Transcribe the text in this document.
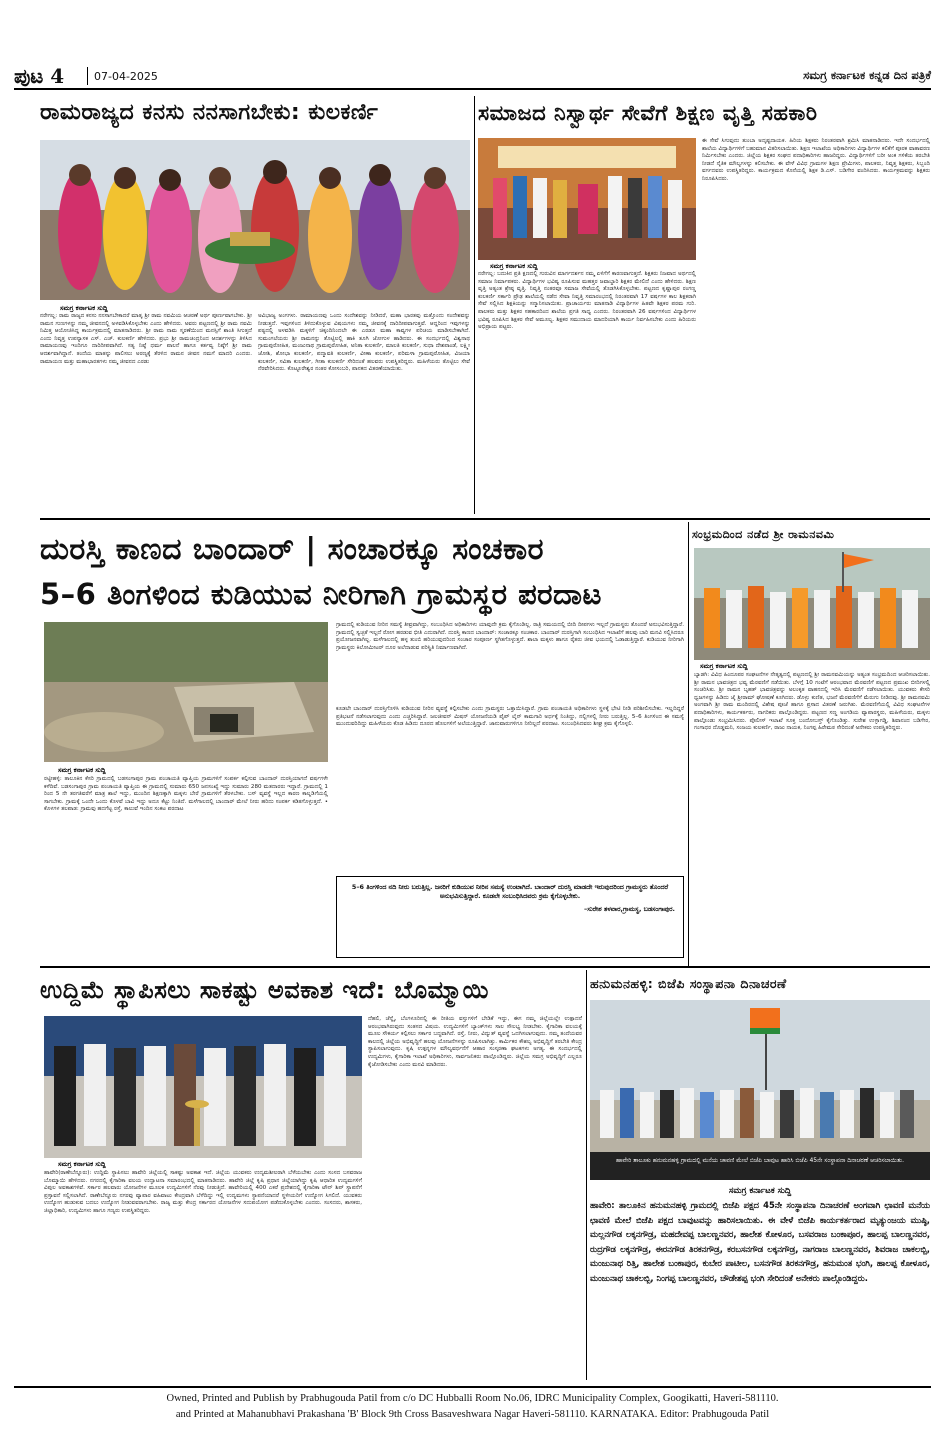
ಪುಟ 4	07-04-2025	ಸಮಗ್ರ ಕರ್ನಾಟಕ ಕನ್ನಡ ದಿನ ಪತ್ರಿಕೆ
ರಾಮರಾಜ್ಯದ ಕನಸು ನನಸಾಗಬೇಕು: ಕುಲಕರ್ಣಿ
ಸಮಗ್ರ ಕರ್ನಾಟಕ ಸುದ್ದಿ
ನರೇಗಲ್ಲ: ರಾಮ ರಾಜ್ಯದ ಕನಸು ನನಸಾಗಬೇಕಾದರೆ ಮಾತೃ ಶ್ರೀ ರಾಮ ನವಮಿಯ ಆಚರಣೆ ಅರ್ಥ ಪೂರ್ಣವಾಗಬೇಕು. ಶ್ರೀ ರಾಮನ ಗುಣಗಳನ್ನು ನಮ್ಮ ಜೀವನದಲ್ಲಿ ಅಳವಡಿಸಿಕೊಳ್ಳಬೇಕು ಎಂದು ಹೇಳಿದರು. ಅವರು ಪಟ್ಟಣದಲ್ಲಿ ಶ್ರೀ ರಾಮ ನವಮಿ ನಿಮಿತ್ತ ಆಯೋಜಿಸಿದ್ದ ಕಾರ್ಯಕ್ರಮದಲ್ಲಿ ಮಾತನಾಡಿದರು. ಶ್ರೀ ರಾಮ ನಾಮ ಸ್ಮರಣೆಯಿಂದ ಮನಸ್ಸಿಗೆ ಶಾಂತಿ ಸಿಗುತ್ತದೆ ಎಂದು ನಿವೃತ್ತ ಉಪನ್ಯಾಸಕ ಎಸ್. ಎಚ್. ಕುಲಕರ್ಣಿ ಹೇಳಿದರು. ಪ್ರಭು ಶ್ರೀ ರಾಮಚಂದ್ರನಿಂದ ಆದರ್ಶಗಳನ್ನು ತಿಳಿಸಿದ ರಾಮಾಯಣವು ಇಂದಿಗೂ ದಾರಿದೀಪವಾಗಿದೆ. ಸತ್ಯ ನಿಷ್ಠೆ ಧರ್ಮ ಪಾಲನೆ ಹಾಗೂ ಕರ್ತವ್ಯ ನಿಷ್ಠೆಗೆ ಶ್ರೀ ರಾಮ ಆದರ್ಶವಾಗಿದ್ದಾನೆ. ತಂದೆಯ ಮಾತನ್ನು ಪಾಲಿಸಲು ಅರಣ್ಯಕ್ಕೆ ತೆರಳಿದ ರಾಮನ ಜೀವನ ನಮಗೆ ಮಾದರಿ ಎಂದರು. ರಾಮಾಯಣ ಮತ್ತು ಮಹಾಭಾರತಗಳು ನಮ್ಮ ಜೀವನದ ಎರಡು
ಅವಿಭಾಜ್ಯ ಅಂಗಗಳು. ರಾಮಾಯಣವು ಒಂದು ಸಂದೇಶವನ್ನು ನೀಡಿದರೆ, ಮಹಾ ಭಾರತವು ಮತ್ತೊಂದು ಸಂದೇಶವನ್ನು ನೀಡುತ್ತದೆ. ಇವುಗಳಿಂದ ತಿಳಿದುಕೊಳ್ಳುವ ವಿಷಯಗಳು ನಮ್ಮ ಜೀವನಕ್ಕೆ ದಾರಿದೀಪವಾಗುತ್ತವೆ. ಆದ್ದರಿಂದ ಇವುಗಳನ್ನು ಪಠ್ಯದಲ್ಲಿ ಅಳವಡಿಸಿ ಮಕ್ಕಳಿಗೆ ಚಿಕ್ಕಂದಿನಿಂದಲೇ ಈ ಎರಡೂ ಮಹಾ ಕಾವ್ಯಗಳ ಪರಿಚಯ ಮಾಡಿಸಬೇಕಾಗಿದೆ. ಸುಮಂಗಲೆಯರು ಶ್ರೀ ರಾಮನನ್ನು ತೊಟ್ಟಿಲಲ್ಲಿ ಹಾಕಿ ತೂಗಿ ಜೋಗುಳ ಹಾಡಿದರು. ಈ ಸಂದರ್ಭದಲ್ಲಿ ವಿಶ್ವನಾಥ ಗ್ರಾಮಪುರೋಹಿತ, ಮಂಜುನಾಥ ಗ್ರಾಮಪುರೋಹಿತ, ಅನಿತಾ ಕುಲಕರ್ಣಿ, ಮಾಲತಿ ಕುಲಕರ್ಣಿ, ಸುಧಾ ದೇಶಪಾಂಡೆ, ಲಕ್ಷ್ಮೀ ಜೋಶಿ, ಶೋಭಾ ಕುಲಕರ್ಣಿ, ಪದ್ಮಾವತಿ ಕುಲಕರ್ಣಿ, ವೀಣಾ ಕುಲಕರ್ಣಿ, ಪರಿಮಳಾ ಗ್ರಾಮಪುರೋಹಿತ, ವಿಜಯಾ ಕುಲಕರ್ಣಿ, ಸವಿತಾ ಕುಲಕರ್ಣಿ, ಗೀತಾ ಕುಲಕರ್ಣಿ ಸೇರಿದಂತೆ ಹಲವರು ಉಪಸ್ಥಿತರಿದ್ದರು. ಮಹಿಳೆಯರು ತೊಟ್ಟಿಲು ಸೇವೆ ನೆರವೇರಿಸಿದರು. ಕೊಟ್ಟೂರೇಶ್ವರ ನಂತರ ಕೋಸಂಬರಿ, ಪಾನಕದ ವಿತರಣೆಯಾಯಿತು.
ಸಮಾಜದ ನಿಸ್ವಾರ್ಥ ಸೇವೆಗೆ ಶಿಕ್ಷಣ ವೃತ್ತಿ ಸಹಕಾರಿ
ಸಮಗ್ರ ಕರ್ನಾಟಕ ಸುದ್ದಿ
ನರೇಗಲ್ಲ: ಬದುಕಿನ ಪ್ರತಿ ಕ್ಷಣದಲ್ಲಿ ಗುರುವಿನ ಮಾರ್ಗದರ್ಶನ ನಮ್ಮ ಏಳಿಗೆಗೆ ಕಾರಣವಾಗುತ್ತದೆ. ಶಿಕ್ಷಕರು ನಿಜವಾದ ಅರ್ಥದಲ್ಲಿ ಸಮಾಜ ನಿರ್ಮಾಪಕರು. ವಿದ್ಯಾರ್ಥಿಗಳ ಭವಿಷ್ಯ ರೂಪಿಸುವ ಮಹತ್ತರ ಜವಾಬ್ದಾರಿ ಶಿಕ್ಷಕರ ಮೇಲಿದೆ ಎಂದು ಹೇಳಿದರು. ಶಿಕ್ಷಣ ವೃತ್ತಿ ಅತ್ಯಂತ ಶ್ರೇಷ್ಠ ವೃತ್ತಿ. ನಿವೃತ್ತಿ ನಂತರವೂ ಸಮಾಜ ಸೇವೆಯಲ್ಲಿ ತೊಡಗಿಸಿಕೊಳ್ಳಬೇಕು. ಪಟ್ಟಣದ ಕೃಷ್ಣಾಪುರ ರಂಗಣ್ಣ ಕುಲಕರ್ಣಿ ಸರ್ಕಾರಿ ಪ್ರೌಢ ಶಾಲೆಯಲ್ಲಿ ನಡೆದ ಸೇವಾ ನಿವೃತ್ತಿ ಸಮಾರಂಭದಲ್ಲಿ ನಿರಂತರವಾಗಿ 17 ವರ್ಷಗಳ ಕಾಲ ಶಿಕ್ಷಕರಾಗಿ ಸೇವೆ ಸಲ್ಲಿಸಿದ ಶಿಕ್ಷಕಿಯನ್ನು ಸನ್ಮಾನಿಸಲಾಯಿತು. ಪ್ರಾಚಾರ್ಯರು ಮಾತನಾಡಿ ವಿದ್ಯಾರ್ಥಿಗಳ ಹಿತವೇ ಶಿಕ್ಷಕರ ಪರಮ ಗುರಿ. ಪಾಲಕರು ಮತ್ತು ಶಿಕ್ಷಕರ ಸಹಕಾರದಿಂದ ಶಾಲೆಯ ಪ್ರಗತಿ ಸಾಧ್ಯ ಎಂದರು. ನಿರಂತರವಾಗಿ 26 ವರ್ಷಗಳಿಂದ ವಿದ್ಯಾರ್ಥಿಗಳ ಭವಿಷ್ಯ ರೂಪಿಸಿದ ಶಿಕ್ಷಕರ ಸೇವೆ ಅಮೂಲ್ಯ. ಶಿಕ್ಷಕರ ಸಮುದಾಯ ಮಾದರಿಯಾಗಿ ಕಾರ್ಯ ನಿರ್ವಹಿಸಬೇಕು ಎಂದು ಹಿರಿಯರು ಅಭಿಪ್ರಾಯ ಪಟ್ಟರು.
ಈ ಸೇವೆ ಸಿಗುವುದು ತುಂಬಾ ಅದೃಷ್ಟದಾಯಕ. ಹಿರಿಯ ಶಿಕ್ಷಕರು ನಿರಂತರವಾಗಿ ಶ್ರಮಿಸಿ ಮಾತನಾಡಿದರು. ಇದೇ ಸಂದರ್ಭದಲ್ಲಿ ಶಾಲೆಯ ವಿದ್ಯಾರ್ಥಿಗಳಿಗೆ ಬಹುಮಾನ ವಿತರಿಸಲಾಯಿತು. ಶಿಕ್ಷಣ ಇಲಾಖೆಯ ಅಧಿಕಾರಿಗಳು ವಿದ್ಯಾರ್ಥಿಗಳ ಕಲಿಕೆಗೆ ಪೂರಕ ವಾತಾವರಣ ನಿರ್ಮಿಸಬೇಕು ಎಂದರು. ಜಿಲ್ಲೆಯ ಶಿಕ್ಷಕರ ಸಂಘದ ಪದಾಧಿಕಾರಿಗಳು ಹಾಜರಿದ್ದರು. ವಿದ್ಯಾರ್ಥಿಗಳಿಗೆ ಬರೀ ಅಂಕ ಗಳಿಕೆಯ ತರಬೇತಿ ನೀಡದೆ ನೈತಿಕ ಮೌಲ್ಯಗಳನ್ನು ಕಲಿಸಬೇಕು. ಈ ವೇಳೆ ವಿವಿಧ ಗ್ರಾಮಗಳ ಶಿಕ್ಷಣ ಪ್ರೇಮಿಗಳು, ಪಾಲಕರು, ನಿವೃತ್ತ ಶಿಕ್ಷಕರು, ಸಿಬ್ಬಂದಿ ವರ್ಗದವರು ಉಪಸ್ಥಿತರಿದ್ದರು. ಕಾರ್ಯಕ್ರಮದ ಕೊನೆಯಲ್ಲಿ ಶಿಕ್ಷಕ ಡಿ.ಎಸ್. ಬಡಿಗೇರ ವಂದಿಸಿದರು. ಕಾರ್ಯಕ್ರಮವನ್ನು ಶಿಕ್ಷಕರು ನಿರೂಪಿಸಿದರು.
ದುರಸ್ತಿ ಕಾಣದ ಬಾಂದಾರ್ | ಸಂಚಾರಕ್ಕೂ ಸಂಚಕಾರ
5–6 ತಿಂಗಳಿಂದ ಕುಡಿಯುವ ನೀರಿಗಾಗಿ ಗ್ರಾಮಸ್ಥರ ಪರದಾಟ
ಸಮಗ್ರ ಕರ್ನಾಟಕ ಸುದ್ದಿ
ರಟ್ಟೀಹಳ್ಳಿ: ತಾಲೂಕಿನ ಕೆಸರಿ ಗ್ರಾಮದಲ್ಲಿ ಬಡಸಂಗಾಪುರ ಗ್ರಾಮ ಪಂಚಾಯತಿ ವ್ಯಾಪ್ತಿಯ ಗ್ರಾಮಗಳಿಗೆ ಸಂಪರ್ಕ ಕಲ್ಪಿಸುವ ಬಾಂದಾರ್ ದುರಸ್ತಿಯಾಗದೆ ವರ್ಷಗಳೇ ಕಳೆದಿವೆ. ಬಡಸಂಗಾಪುರ ಗ್ರಾಮ ಪಂಚಾಯತಿ ವ್ಯಾಪ್ತಿಯ ಈ ಗ್ರಾಮದಲ್ಲಿ ಸುಮಾರು 650 ಜನಸಂಖ್ಯೆ ಇದ್ದು ಸುಮಾರು 280 ಮತದಾರರು ಇದ್ದಾರೆ. ಗ್ರಾಮದಲ್ಲಿ 1 ರಿಂದ 5 ನೇ ತರಗತಿವರೆಗೆ ಮಾತ್ರ ಶಾಲೆ ಇದ್ದು, ಮುಂದಿನ ಶಿಕ್ಷಣಕ್ಕಾಗಿ ಮಕ್ಕಳು ಬೇರೆ ಗ್ರಾಮಗಳಿಗೆ ತೆರಳಬೇಕು. ಬಸ್ ವ್ಯವಸ್ಥೆ ಇಲ್ಲದ ಕಾರಣ ಕಾಲ್ನಡಿಗೆಯಲ್ಲಿ ಸಾಗಬೇಕು. ಗ್ರಾಮಕ್ಕೆ ಒಂದೇ ಒಂದು ಕೊಳವೆ ಬಾವಿ ಇದ್ದು ಅದೂ ಕೆಟ್ಟು ನಿಂತಿದೆ. ಮಳೆಗಾಲದಲ್ಲಿ ಬಾಂದಾರ್ ಮೇಲೆ ನೀರು ಹರಿದು ಸಂಪರ್ಕ ಕಡಿತಗೊಳ್ಳುತ್ತದೆ. • ಕೊಳಗಳ ತಲಪಾಡ: ಗ್ರಾಮವು ಹದಗೆಟ್ಟ ರಸ್ತೆ, ಕಾಲುವೆ ಇಂದಿನ ಸಂಕಟ ಪರದಾಟ
ಗ್ರಾಮದಲ್ಲಿ ಕುಡಿಯುವ ನೀರಿನ ಸಮಸ್ಯೆ ತೀವ್ರವಾಗಿದ್ದು, ಸಂಬಂಧಿಸಿದ ಅಧಿಕಾರಿಗಳು ಯಾವುದೇ ಕ್ರಮ ಕೈಗೊಂಡಿಲ್ಲ. ರಾತ್ರಿ ಸಮಯದಲ್ಲಿ ಬೀದಿ ದೀಪಗಳು ಇಲ್ಲದೆ ಗ್ರಾಮಸ್ಥರು ತೊಂದರೆ ಅನುಭವಿಸುತ್ತಿದ್ದಾರೆ. ಗ್ರಾಮದಲ್ಲಿ ಸ್ವಚ್ಛತೆ ಇಲ್ಲದೆ ರೋಗ ಹರಡುವ ಭೀತಿ ಎದುರಾಗಿದೆ. ದುರಸ್ತಿ ಕಾಣದ ಬಾಂದಾರ್: ಸಂಚಾರಕ್ಕೂ ಸಂಚಕಾರ. ಬಾಂದಾರ್ ದುರಸ್ತಿಗಾಗಿ ಸಂಬಂಧಿಸಿದ ಇಲಾಖೆಗೆ ಹಲವು ಬಾರಿ ಮನವಿ ಸಲ್ಲಿಸಿದರೂ ಪ್ರಯೋಜನವಾಗಿಲ್ಲ. ಮಳೆಗಾಲದಲ್ಲಿ ಹಳ್ಳ ತುಂಬಿ ಹರಿಯುವುದರಿಂದ ಸಂಚಾರ ಸಂಪೂರ್ಣ ಸ್ಥಗಿತಗೊಳ್ಳುತ್ತದೆ. ಶಾಲಾ ಮಕ್ಕಳು ಹಾಗೂ ರೈತರು ಜೀವ ಭಯದಲ್ಲಿ ಓಡಾಡುತ್ತಿದ್ದಾರೆ. ಕುಡಿಯುವ ನೀರಿಗಾಗಿ ಗ್ರಾಮಸ್ಥರು ಕಿಲೋಮೀಟರ್ ದೂರ ಅಲೆದಾಡುವ ಪರಿಸ್ಥಿತಿ ನಿರ್ಮಾಣವಾಗಿದೆ.
ಕೂಡಲೇ ಬಾಂದಾರ್ ದುರಸ್ತಿಗೊಳಿಸಿ ಕುಡಿಯುವ ನೀರಿನ ವ್ಯವಸ್ಥೆ ಕಲ್ಪಿಸಬೇಕು ಎಂದು ಗ್ರಾಮಸ್ಥರು ಒತ್ತಾಯಿಸಿದ್ದಾರೆ. ಗ್ರಾಮ ಪಂಚಾಯತಿ ಅಧಿಕಾರಿಗಳು ಸ್ಥಳಕ್ಕೆ ಭೇಟಿ ನೀಡಿ ಪರಿಶೀಲಿಸಬೇಕು. ಇಲ್ಲದಿದ್ದರೆ ಪ್ರತಿಭಟನೆ ನಡೆಸಲಾಗುವುದು ಎಂದು ಎಚ್ಚರಿಸಿದ್ದಾರೆ. ಜಲಜೀವನ್ ಮಿಷನ್ ಯೋಜನೆಯಡಿ ಪೈಪ್ ಲೈನ್ ಕಾಮಗಾರಿ ಅರ್ಧಕ್ಕೆ ನಿಂತಿದ್ದು, ನಲ್ಲಿಗಳಲ್ಲಿ ನೀರು ಬರುತ್ತಿಲ್ಲ. 5–6 ತಿಂಗಳಿಂದ ಈ ಸಮಸ್ಯೆ ಮುಂದುವರಿದಿದ್ದು ಮಹಿಳೆಯರು ಕೊಡ ಹಿಡಿದು ದೂರದ ಹೊಲಗಳಿಗೆ ಅಲೆಯುತ್ತಿದ್ದಾರೆ. ಜಾನುವಾರುಗಳಿಗೂ ನೀರಿಲ್ಲದೆ ಪರದಾಟ. ಸಂಬಂಧಿಸಿದವರು ಶೀಘ್ರ ಕ್ರಮ ಕೈಗೊಳ್ಳಲಿ.
5–6 ತಿಂಗಳಿಂದ ನದಿ ನೀರು ಬರುತ್ತಿಲ್ಲ. ಜನರಿಗೆ ಕುಡಿಯುವ ನೀರಿನ ಸಮಸ್ಯೆ ಉಂಟಾಗಿದೆ. ಬಾಂದಾರ್ ದುರಸ್ತಿ ಮಾಡದೇ ಇರುವುದರಿಂದ ಗ್ರಾಮಸ್ಥರು ತೊಂದರೆ ಅನುಭವಿಸುತ್ತಿದ್ದಾರೆ. ಕೂಡಲೇ ಸಂಬಂಧಿಸಿದವರು ಕ್ರಮ ಕೈಗೊಳ್ಳಬೇಕು.
–ಸುರೇಶ ತಳವಾರ,ಗ್ರಾಮಸ್ಥ, ಬಡಸಂಗಾಪುರ.
ಸಂಭ್ರಮದಿಂದ ನಡೆದ ಶ್ರೀ ರಾಮನವಮಿ
ಸಮಗ್ರ ಕರ್ನಾಟಕ ಸುದ್ದಿ
ಬ್ಯಾಡಗಿ: ವಿವಿಧ ಹಿಂದೂಪರ ಸಂಘಟನೆಗಳ ನೇತೃತ್ವದಲ್ಲಿ ಪಟ್ಟಣದಲ್ಲಿ ಶ್ರೀ ರಾಮನವಮಿಯನ್ನು ಅತ್ಯಂತ ಸಂಭ್ರಮದಿಂದ ಆಚರಿಸಲಾಯಿತು. ಶ್ರೀ ರಾಮನ ಭಾವಚಿತ್ರದ ಭವ್ಯ ಮೆರವಣಿಗೆ ನಡೆಯಿತು. ಬೆಳಗ್ಗೆ 10 ಗಂಟೆಗೆ ಆರಂಭವಾದ ಮೆರವಣಿಗೆ ಪಟ್ಟಣದ ಪ್ರಮುಖ ಬೀದಿಗಳಲ್ಲಿ ಸಂಚರಿಸಿತು. ಶ್ರೀ ರಾಮನ ಬೃಹತ್ ಭಾವಚಿತ್ರವನ್ನು ಅಲಂಕೃತ ವಾಹನದಲ್ಲಿ ಇರಿಸಿ ಮೆರವಣಿಗೆ ನಡೆಸಲಾಯಿತು. ಯುವಕರು ಕೇಸರಿ ಧ್ವಜಗಳನ್ನು ಹಿಡಿದು ಜೈ ಶ್ರೀರಾಮ್ ಘೋಷಣೆ ಕೂಗಿದರು. ಡೊಳ್ಳು ಕುಣಿತ, ಭಜನೆ ಮೆರವಣಿಗೆಗೆ ಮೆರುಗು ನೀಡಿದವು. ಶ್ರೀ ರಾಮನವಮಿ ಅಂಗವಾಗಿ ಶ್ರೀ ರಾಮ ಮಂದಿರದಲ್ಲಿ ವಿಶೇಷ ಪೂಜೆ ಹಾಗೂ ಪ್ರಸಾದ ವಿತರಣೆ ಜರುಗಿತು. ಮೆರವಣಿಗೆಯಲ್ಲಿ ವಿವಿಧ ಸಂಘಟನೆಗಳ ಪದಾಧಿಕಾರಿಗಳು, ಕಾರ್ಯಕರ್ತರು, ನಾಗರಿಕರು ಪಾಲ್ಗೊಂಡಿದ್ದರು. ಪಟ್ಟಣದ ಸಣ್ಣ ಅಂಗಡಿಯ ವ್ಯಾಪಾರಸ್ಥರು, ಮಹಿಳೆಯರು, ಮಕ್ಕಳು ಪಾಲ್ಗೊಂಡು ಸಂಭ್ರಮಿಸಿದರು. ಪೊಲೀಸ್ ಇಲಾಖೆ ಸೂಕ್ತ ಬಂದೋಬಸ್ತ್ ಕೈಗೊಂಡಿತ್ತು. ಸುರೇಶ ಉಳ್ಳಾಗಡ್ಡಿ, ಶಿವಾನಂದ ಬಡಿಗೇರ, ಗಂಗಾಧರ ದೊಡ್ಡಮನಿ, ಸಂಜಯ ಕುಲಕರ್ಣಿ, ರಾಜು ನಾಯಕ, ನಿಂಗಪ್ಪ ಹಿರೇಮಠ ಸೇರಿದಂತೆ ಅನೇಕರು ಉಪಸ್ಥಿತರಿದ್ದರು.
ಉದ್ದಿಮೆ ಸ್ಥಾಪಿಸಲು ಸಾಕಷ್ಟು ಅವಕಾಶ ಇದೆ: ಬೊಮ್ಮಾಯಿ
ಸಮಗ್ರ ಕರ್ನಾಟಕ ಸುದ್ದಿ
ಹಾವೇರಿ(ರಾಣೇಬೆನ್ನೂರು): ಉದ್ದಿಮೆ ಸ್ಥಾಪಿಸಲು ಹಾವೇರಿ ಜಿಲ್ಲೆಯಲ್ಲಿ ಸಾಕಷ್ಟು ಅವಕಾಶ ಇದೆ. ಜಿಲ್ಲೆಯ ಯುವಕರು ಉದ್ಯಮಶೀಲರಾಗಿ ಬೆಳೆಯಬೇಕು ಎಂದು ಸಂಸದ ಬಸವರಾಜ ಬೊಮ್ಮಾಯಿ ಹೇಳಿದರು. ನಗರದಲ್ಲಿ ಕೈಗಾರಿಕಾ ವಲಯ ಉದ್ಘಾಟನಾ ಸಮಾರಂಭದಲ್ಲಿ ಮಾತನಾಡಿದರು. ಹಾವೇರಿ ಜಿಲ್ಲೆ ಕೃಷಿ ಪ್ರಧಾನ ಜಿಲ್ಲೆಯಾಗಿದ್ದು ಕೃಷಿ ಆಧಾರಿತ ಉದ್ಯಮಗಳಿಗೆ ವಿಪುಲ ಅವಕಾಶಗಳಿವೆ. ಸರ್ಕಾರ ಹಲವಾರು ಯೋಜನೆಗಳ ಮೂಲಕ ಉದ್ಯಮಿಗಳಿಗೆ ನೆರವು ನೀಡುತ್ತಿದೆ. ಹಾವೇರಿಯಲ್ಲಿ 400 ಎಕರೆ ಪ್ರದೇಶದಲ್ಲಿ ಕೈಗಾರಿಕಾ ಟೌನ್ ಶಿಪ್ ಸ್ಥಾಪನೆಗೆ ಪ್ರಸ್ತಾವನೆ ಸಲ್ಲಿಸಲಾಗಿದೆ. ರಾಣೇಬೆನ್ನೂರು ನಗರವು ವ್ಯಾಪಾರ ವಹಿವಾಟು ಕೇಂದ್ರವಾಗಿ ಬೆಳೆದಿದ್ದು ಇಲ್ಲಿ ಉದ್ಯಮಗಳು ಸ್ಥಾಪನೆಯಾದರೆ ಸ್ಥಳೀಯರಿಗೆ ಉದ್ಯೋಗ ಸಿಗಲಿದೆ. ಯುವಕರು ಉದ್ಯೋಗ ಹುಡುಕುವ ಬದಲು ಉದ್ಯೋಗ ನೀಡುವವರಾಗಬೇಕು. ರಾಜ್ಯ ಮತ್ತು ಕೇಂದ್ರ ಸರ್ಕಾರದ ಯೋಜನೆಗಳ ಸದುಪಯೋಗ ಪಡೆದುಕೊಳ್ಳಬೇಕು ಎಂದರು. ಸಂಸದರು, ಶಾಸಕರು, ಜಿಲ್ಲಾಧಿಕಾರಿ, ಉದ್ಯಮಿಗಳು ಹಾಗೂ ಗಣ್ಯರು ಉಪಸ್ಥಿತರಿದ್ದರು.
ದೆಹಲಿ, ಚೆನ್ನೈ, ಬೆಂಗಳೂರಿನಲ್ಲಿ ಈ ರೀತಿಯ ವಸ್ತುಗಳಿಗೆ ಬೇಡಿಕೆ ಇದ್ದು, ಈಗ ನಮ್ಮ ಜಿಲ್ಲೆಯಲ್ಲೇ ಉತ್ಪಾದನೆ ಆರಂಭವಾಗಿರುವುದು ಸಂತಸದ ವಿಷಯ. ಉದ್ಯಮಿಗಳಿಗೆ ಬ್ಯಾಂಕ್‌ಗಳು ಸಾಲ ಸೌಲಭ್ಯ ನೀಡಬೇಕು. ಕೈಗಾರಿಕಾ ವಲಯಕ್ಕೆ ಮೂಲ ಸೌಕರ್ಯ ಕಲ್ಪಿಸಲು ಸರ್ಕಾರ ಬದ್ಧವಾಗಿದೆ. ರಸ್ತೆ, ನೀರು, ವಿದ್ಯುತ್ ವ್ಯವಸ್ಥೆ ಒದಗಿಸಲಾಗುವುದು. ನಮ್ಮ ತಂದೆಯವರ ಕಾಲದಲ್ಲಿ ಜಿಲ್ಲೆಯ ಅಭಿವೃದ್ಧಿಗೆ ಹಲವು ಯೋಜನೆಗಳನ್ನು ರೂಪಿಸಲಾಗಿತ್ತು. ಕಾರ್ಮಿಕರ ಕೌಶಲ್ಯ ಅಭಿವೃದ್ಧಿಗೆ ತರಬೇತಿ ಕೇಂದ್ರ ಸ್ಥಾಪಿಸಲಾಗುವುದು. ಕೃಷಿ ಉತ್ಪನ್ನಗಳ ಮೌಲ್ಯವರ್ಧನೆಗೆ ಆಹಾರ ಸಂಸ್ಕರಣಾ ಘಟಕಗಳು ಅಗತ್ಯ. ಈ ಸಂದರ್ಭದಲ್ಲಿ ಉದ್ಯಮಿಗಳು, ಕೈಗಾರಿಕಾ ಇಲಾಖೆ ಅಧಿಕಾರಿಗಳು, ಸಾರ್ವಜನಿಕರು ಪಾಲ್ಗೊಂಡಿದ್ದರು. ಜಿಲ್ಲೆಯ ಸಮಗ್ರ ಅಭಿವೃದ್ಧಿಗೆ ಎಲ್ಲರೂ ಕೈಜೋಡಿಸಬೇಕು ಎಂದು ಮನವಿ ಮಾಡಿದರು.
ಹನುಮನಹಳ್ಳಿ: ಬಿಜೆಪಿ ಸಂಸ್ಥಾಪನಾ ದಿನಾಚರಣೆ
ಹಾವೇರಿ ತಾಲೂಕು ಹನುಮನಹಳ್ಳಿ ಗ್ರಾಮದಲ್ಲಿ ಮನೆಯ ಚಾವಣಿ ಮೇಲೆ ಬಿಜೆಪಿ ಬಾವುಟ ಹಾರಿಸಿ ಬಿಜೆಪಿ 45ನೇ ಸಂಸ್ಥಾಪನಾ ದಿನಾಚರಣೆ ಆಚರಿಸಲಾಯಿತು.
ಸಮಗ್ರ ಕರ್ನಾಟಕ ಸುದ್ದಿ
ಹಾವೇರಿ: ತಾಲೂಕಿನ ಹನುಮನಹಳ್ಳಿ ಗ್ರಾಮದಲ್ಲಿ ಬಿಜೆಪಿ ಪಕ್ಷದ 45ನೇ ಸಂಸ್ಥಾಪನಾ ದಿನಾಚರಣೆ ಅಂಗವಾಗಿ ಛಾವಣಿ ಮನೆಯ ಛಾವಣಿ ಮೇಲೆ ಬಿಜೆಪಿ ಪಕ್ಷದ ಬಾವುಟವನ್ನು ಹಾರಿಸಲಾಯಿತು. ಈ ವೇಳೆ ಬಿಜೆಪಿ ಕಾರ್ಯಕರ್ತರಾದ ಮೃತ್ಯುಂಜಯ ಮುಷ್ಠಿ, ಮಲ್ಲನಗೌಡ ಲಕ್ಕನಗೌಡ್ರ, ಮಹದೇವಪ್ಪ ಬಾಲಣ್ಣನವರ, ಹಾಲೇಶ ಕೋಳೂರ, ಬಸವರಾಜ ಬಂಕಾಪೂರ, ಹಾಲಪ್ಪ ಬಾಲಣ್ಣನವರ, ರುದ್ರಗೌಡ ಲಕ್ಕನಗೌಡ್ರ, ಈರನಗೌಡ ತಿರಕನಗೌಡ್ರ, ಕರಬಸನಗೌಡ ಲಕ್ಕನಗೌಡ್ರ, ನಾಗರಾಜ ಬಾಲಣ್ಣನವರ, ಶಿವರಾಜ ಚಾಕಲಬ್ಬಿ, ಮಂಜುನಾಥ ರಿತ್ತಿ, ಹಾಲೇಶ ಬಂಕಾಪುರ, ಕುಬೇರ ಪಾಟೀಲ, ಬಸನಗೌಡ ತಿರಕನಗೌಡ್ರ, ಹನುಮಂತ ಭಂಗಿ, ಹಾಲಪ್ಪ ಕೋಳೂರ, ಮಂಜುನಾಥ ಚಾಕಲಬ್ಬಿ, ನಿಂಗಪ್ಪ ಬಾಲಣ್ಣನವರ, ಚೌಡೇಶಪ್ಪ ಭಂಗಿ ಸೇರಿದಂತೆ ಅನೇಕರು ಪಾಲ್ಗೊಂಡಿದ್ದರು.
Owned, Printed and Publish by Prabhugouda Patil from c/o DC Hubballi Room No.06, IDRC Municipality Complex, Googikatti, Haveri-581110.
and Printed at Mahanubhavi Prakashana 'B' Block 9th Cross Basaveshwara Nagar Haveri-581110. KARNATAKA. Editor: Prabhugouda Patil
